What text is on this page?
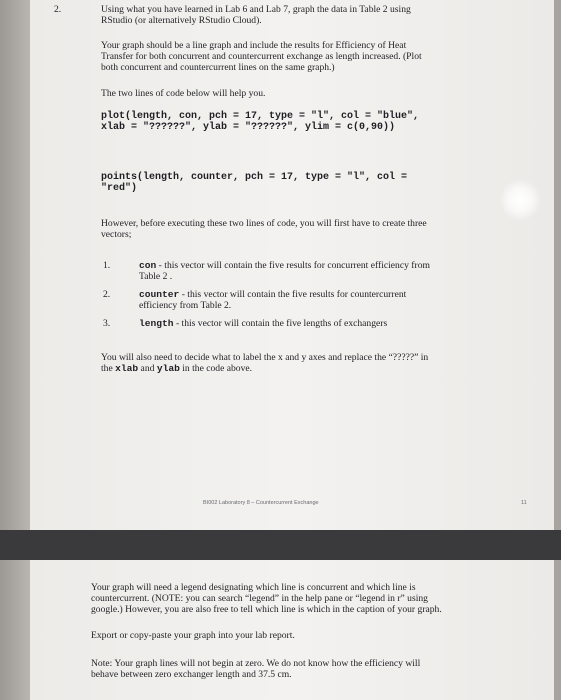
2.	Using what you have learned in Lab 6 and Lab 7, graph the data in Table 2 using
RStudio (or alternatively RStudio Cloud).
Your graph should be a line graph and include the results for Efficiency of Heat
Transfer for both concurrent and countercurrent exchange as length increased. (Plot
both concurrent and countercurrent lines on the same graph.)
The two lines of code below will help you.
plot(length, con, pch = 17, type = "l", col = "blue",
xlab = "??????", ylab = "??????", ylim = c(0,90))
points(length, counter, pch = 17, type = "l", col =
"red")
However, before executing these two lines of code, you will first have to create three
vectors;
1.	con - this vector will contain the five results for concurrent efficiency from
Table 2 .
2.	counter - this vector will contain the five results for countercurrent
efficiency from Table 2.
3.	length - this vector will contain the five lengths of exchangers
You will also need to decide what to label the x and y axes and replace the “?????” in
the xlab and ylab in the code above.
BI002 Laboratory 8 – Countercurrent Exchange	11
Your graph will need a legend designating which line is concurrent and which line is
countercurrent. (NOTE: you can search “legend” in the help pane or “legend in r” using
google.) However, you are also free to tell which line is which in the caption of your graph.
Export or copy-paste your graph into your lab report.
Note: Your graph lines will not begin at zero. We do not know how the efficiency will
behave between zero exchanger length and 37.5 cm.
